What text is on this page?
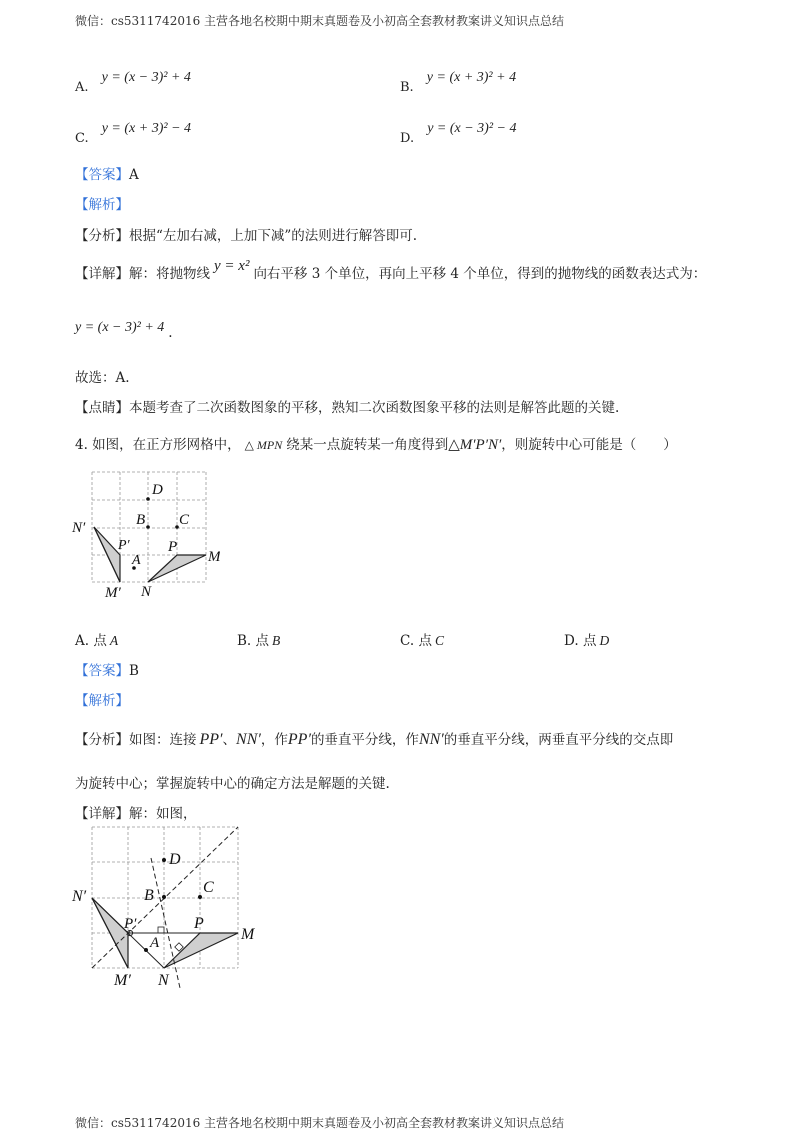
微信：cs5311742016 主营各地名校期中期末真题卷及小初高全套教材教案讲义知识点总结
$_{A.}$ y = (x − 3)² + 4
$_{B.}$ y = (x + 3)² + 4
$_{C.}$ y = (x + 3)² − 4
$_{D.}$ y = (x − 3)² − 4
【答案】A
【解析】
【分析】根据“左加右减，上加下减”的法则进行解答即可.
【详解】解：将抛物线 y = x² 向右平移 3 个单位，再向上平移 4 个单位，得到的抛物线的函数表达式为：
y = (x − 3)² + 4 $_.$
故选：A.
【点睛】本题考查了二次函数图象的平移，熟知二次函数图象平移的法则是解答此题的关键.
4. 如图，在正方形网格中， △ MPN 绕某一点旋转某一角度得到△M′P′N′，则旋转中心可能是（　　）
D
B C
A
P
M
N
N′
P′
M′
A. 点 A	B. 点 B	C. 点 C	D. 点 D
【答案】B
【解析】
【分析】如图：连接 PP′、NN′，作PP′的垂直平分线，作NN′的垂直平分线，两垂直平分线的交点即
为旋转中心；掌握旋转中心的确定方法是解题的关键.
【详解】解：如图，
D
B	C
A
P
M
N
N′
P′
M′
微信：cs5311742016 主营各地名校期中期末真题卷及小初高全套教材教案讲义知识点总结
